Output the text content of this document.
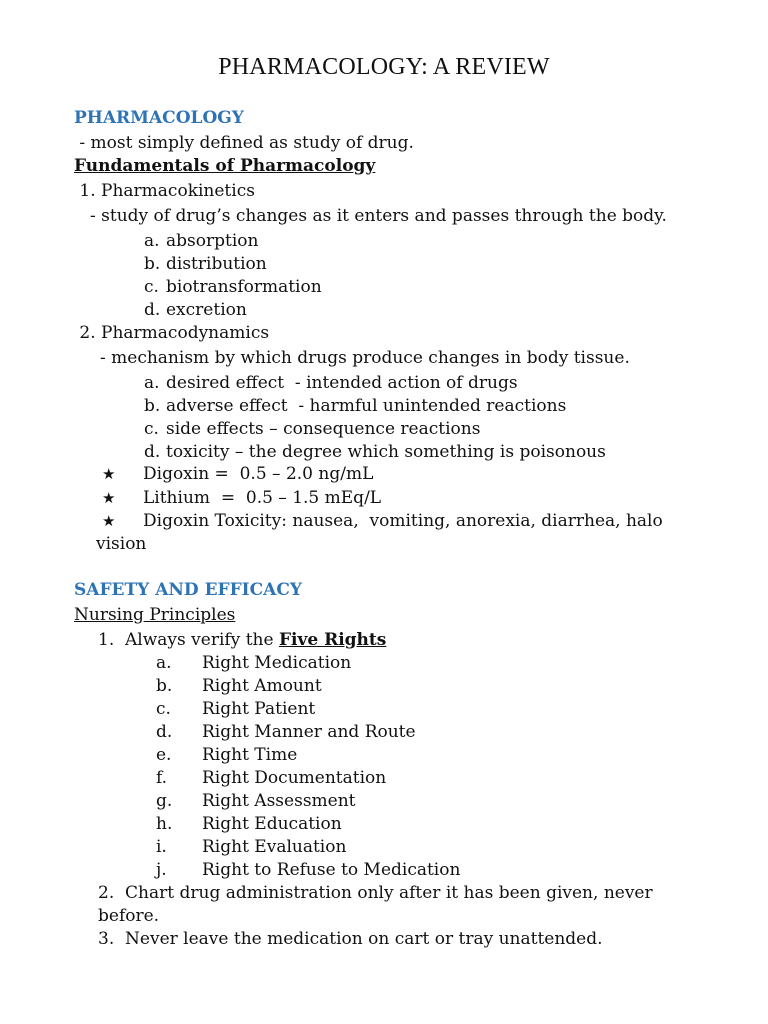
PHARMACOLOGY: A REVIEW
PHARMACOLOGY
- most simply defined as study of drug.
Fundamentals of Pharmacology
1. Pharmacokinetics
- study of drug’s changes as it enters and passes through the body.
a. absorption
b. distribution
c. biotransformation
d. excretion
2. Pharmacodynamics
- mechanism by which drugs produce changes in body tissue.
a. desired effect  - intended action of drugs
b. adverse effect  - harmful unintended reactions
c. side effects – consequence reactions
d. toxicity – the degree which something is poisonous
★ Digoxin =  0.5 – 2.0 ng/mL
★ Lithium  =  0.5 – 1.5 mEq/L
★ Digoxin Toxicity: nausea,  vomiting, anorexia, diarrhea, halo
vision
SAFETY AND EFFICACY
Nursing Principles
1.  Always verify the Five Rights
a. Right Medication
b. Right Amount
c. Right Patient
d. Right Manner and Route
e. Right Time
f. Right Documentation
g. Right Assessment
h. Right Education
i. Right Evaluation
j. Right to Refuse to Medication
2.  Chart drug administration only after it has been given, never
before.
3.  Never leave the medication on cart or tray unattended.
